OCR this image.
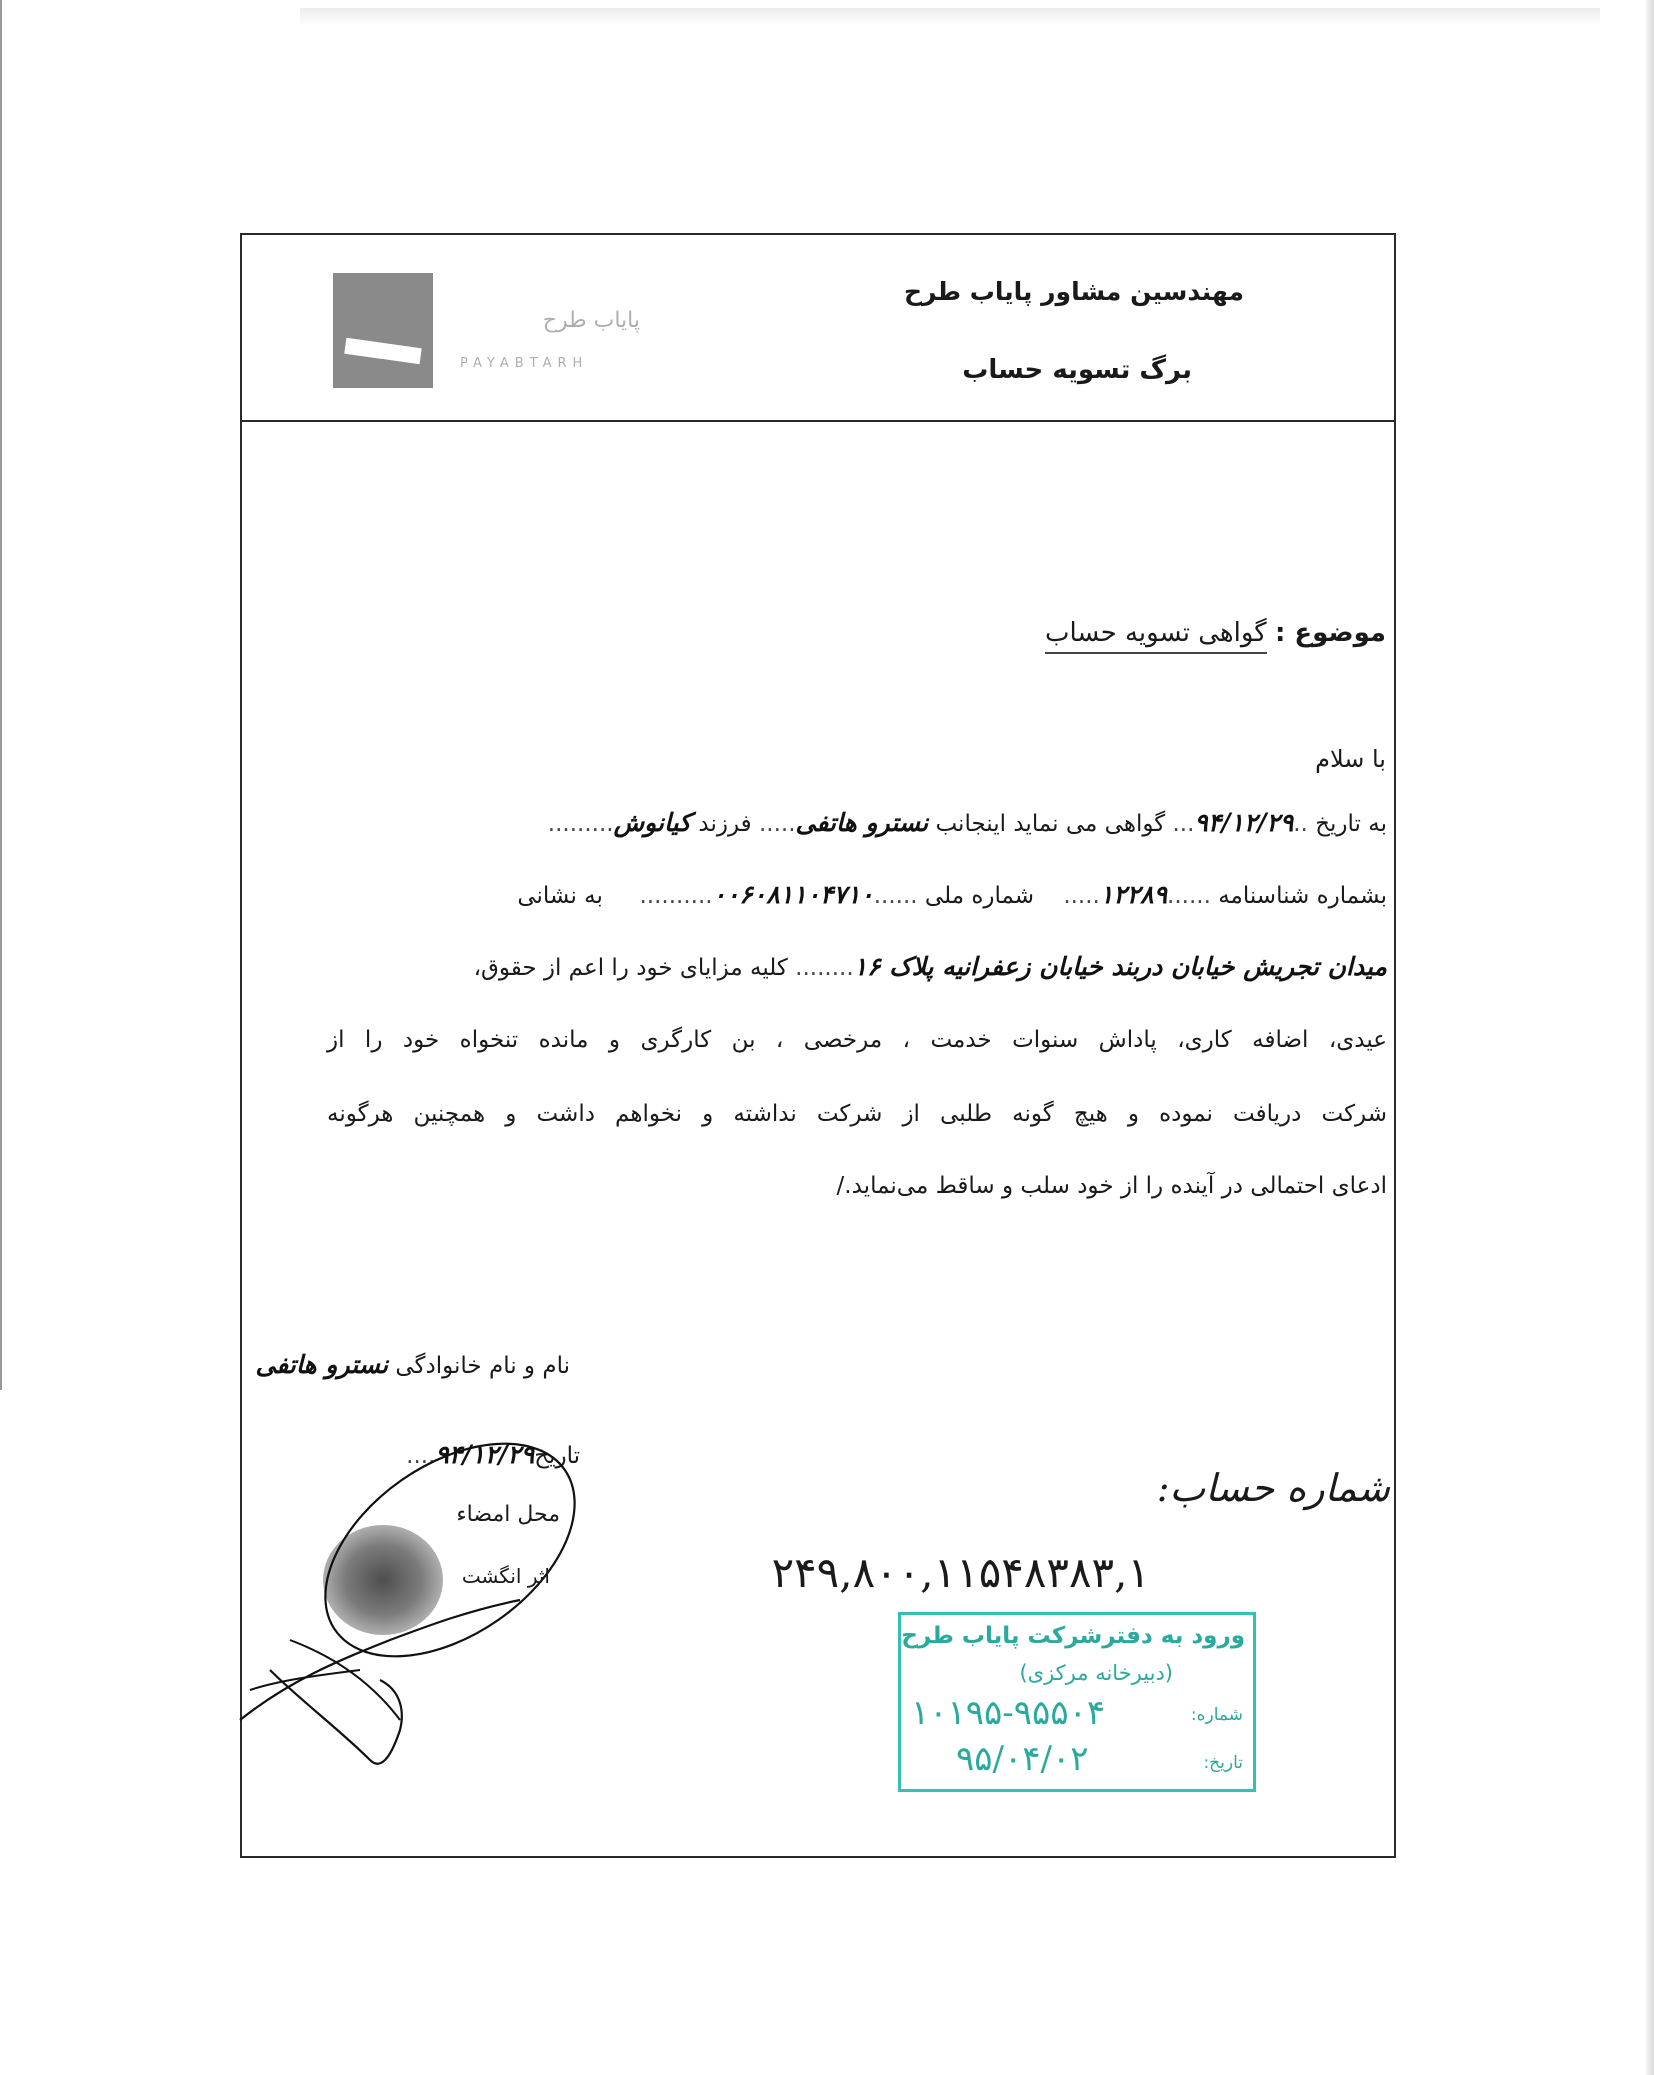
پایاب طرح
PAYABTARH
مهندسین مشاور پایاب طرح
برگ تسویه حساب
موضوع : گواهی تسویه حساب
با سلام
به تاریخ ..۹۴/۱۲/۲۹... گواهی می نماید اینجانب نسترو هاتفی..... فرزند کیانوش.........
بشماره شناسنامه ......۱۲۲۸۹.....    شماره ملی ......۰۰۶۰۸۱۱۰۴۷۱۰..........     به نشانی
میدان تجریش خیابان دربند خیابان زعفرانیه پلاک ۱۶........ کلیه مزایای خود را اعم از حقوق،
عیدی، اضافه کاری، پاداش سنوات خدمت ، مرخصی ، بن کارگری و مانده تنخواه خود را از
شرکت دریافت نموده و هیچ گونه طلبی از شرکت نداشته و نخواهم داشت و همچنین هرگونه
ادعای احتمالی در آینده را از خود سلب و ساقط می‌نماید./
نام و نام خانوادگی نسترو هاتفی
تاریخ۹۴/۱۲/۲۹....
محل امضاء
اثر انگشت
شماره حساب:
۲۴۹,۸۰۰,۱۱۵۴۸۳۸۳,۱
ورود به دفترشرکت پایاب طرح
(دبیرخانه مرکزی)
شماره:
۱۰۱۹۵-۹۵۵۰۴
تاریخ:
۹۵/۰۴/۰۲
